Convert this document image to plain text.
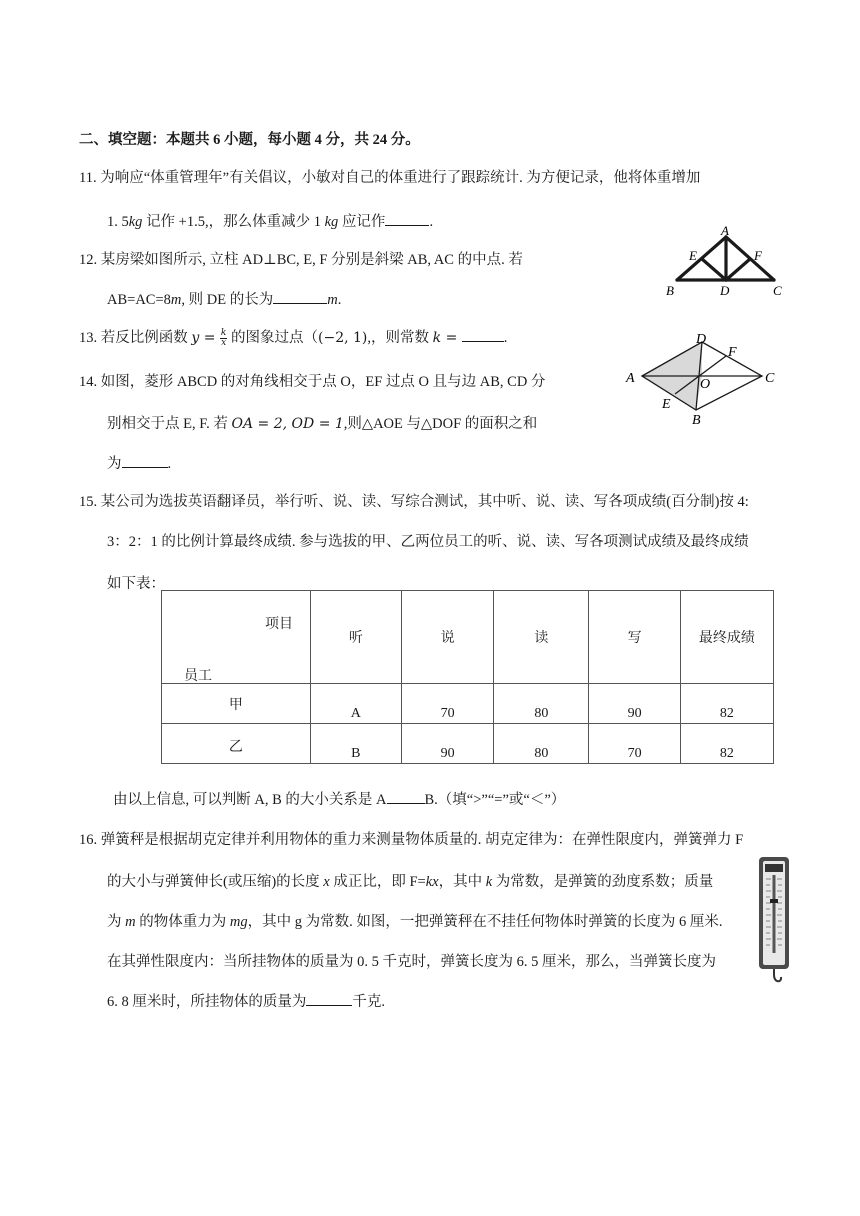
二、填空题：本题共 6 小题，每小题 4 分，共 24 分。
11. 为响应“体重管理年”有关倡议，小敏对自己的体重进行了跟踪统计. 为方便记录，他将体重增加
1. 5kg 记作 +1.5,，那么体重减少 1 kg 应记作	.
12. 某房梁如图所示, 立柱 AD⊥BC, E, F 分别是斜梁 AB, AC 的中点. 若
AB=AC=8m, 则 DE 的长为	m.
A
B	C
D
E	F
13. 若反比例函数 $y = \frac{k}{x}$ 的图象过点（(−2, 1),，则常数 k =	.
14. 如图，菱形 ABCD 的对角线相交于点 O，EF 过点 O 且与边 AB, CD 分
别相交于点 E, F. 若 OA = 2, OD = 1,则△AOE 与△DOF 的面积之和
为	.
A
D
F
C
O
E
B
15. 某公司为选拔英语翻译员，举行听、说、读、写综合测试，其中听、说、读、写各项成绩(百分制)按 4:
3：2：1 的比例计算最终成绩. 参与选拔的甲、乙两位员工的听、说、读、写各项测试成绩及最终成绩
如下表：
项目
员工	听	说	读	写	最终成绩
甲	A	70	80	90	82
乙	B	90	80	70	82
由以上信息, 可以判断 A, B 的大小关系是 A	B.（填“>”“=”或“＜”）
16. 弹簧秤是根据胡克定律并利用物体的重力来测量物体质量的. 胡克定律为：在弹性限度内，弹簧弹力 F
的大小与弹簧伸长(或压缩)的长度 x 成正比，即 F=kx，其中 k 为常数，是弹簧的劲度系数；质量
为 m 的物体重力为 mg，其中 g 为常数. 如图，一把弹簧秤在不挂任何物体时弹簧的长度为 6 厘米.
在其弹性限度内：当所挂物体的质量为 0. 5 千克时，弹簧长度为 6. 5 厘米，那么，当弹簧长度为
6. 8 厘米时，所挂物体的质量为	千克.
